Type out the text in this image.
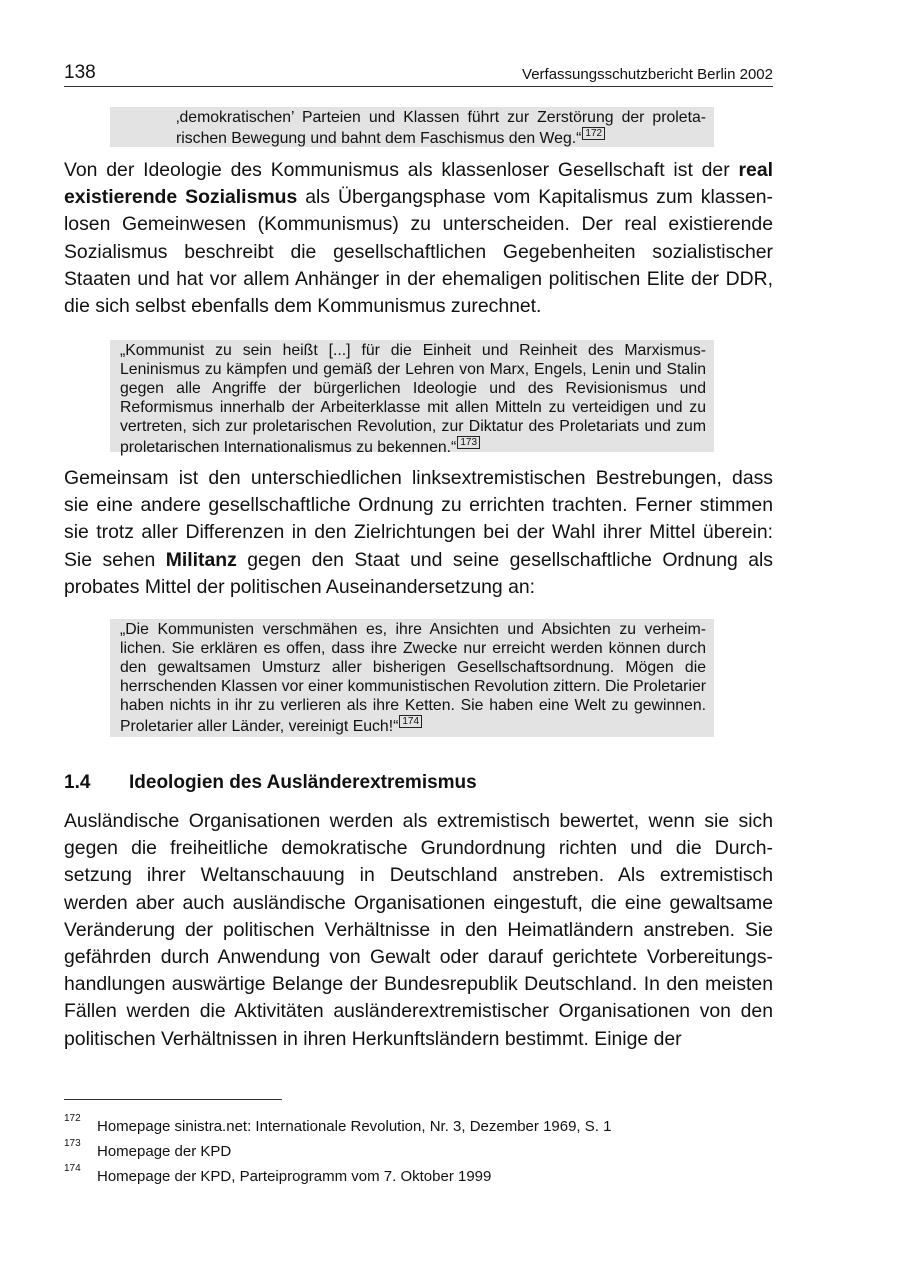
138	Verfassungsschutzbericht Berlin 2002
‚demokratischen’ Parteien und Klassen führt zur Zerstörung der proleta-rischen Bewegung und bahnt dem Faschismus den Weg.“ 172
Von der Ideologie des Kommunismus als klassenloser Gesellschaft ist der real existierende Sozialismus als Übergangsphase vom Kapitalismus zum klassen-losen Gemeinwesen (Kommunismus) zu unterscheiden. Der real existierende Sozialismus beschreibt die gesellschaftlichen Gegebenheiten sozialistischer Staaten und hat vor allem Anhänger in der ehemaligen politischen Elite der DDR, die sich selbst ebenfalls dem Kommunismus zurechnet.
„Kommunist zu sein heißt [...] für die Einheit und Reinheit des Marxismus-Leninismus zu kämpfen und gemäß der Lehren von Marx, Engels, Lenin und Stalin gegen alle Angriffe der bürgerlichen Ideologie und des Revisionismus und Reformismus innerhalb der Arbeiterklasse mit allen Mitteln zu verteidigen und zu vertreten, sich zur proletarischen Revolution, zur Diktatur des Proletariats und zum proletarischen Internationalismus zu bekennen.“ 173
Gemeinsam ist den unterschiedlichen linksextremistischen Bestrebungen, dass sie eine andere gesellschaftliche Ordnung zu errichten trachten. Ferner stimmen sie trotz aller Differenzen in den Zielrichtungen bei der Wahl ihrer Mittel überein: Sie sehen Militanz gegen den Staat und seine gesellschaftliche Ordnung als probates Mittel der politischen Auseinandersetzung an:
„Die Kommunisten verschmähen es, ihre Ansichten und Absichten zu verheim-lichen. Sie erklären es offen, dass ihre Zwecke nur erreicht werden können durch den gewaltsamen Umsturz aller bisherigen Gesellschaftsordnung. Mögen die herrschenden Klassen vor einer kommunistischen Revolution zittern. Die Proletarier haben nichts in ihr zu verlieren als ihre Ketten. Sie haben eine Welt zu gewinnen. Proletarier aller Länder, vereinigt Euch!“ 174
1.4 Ideologien des Ausländerextremismus
Ausländische Organisationen werden als extremistisch bewertet, wenn sie sich gegen die freiheitliche demokratische Grundordnung richten und die Durch-setzung ihrer Weltanschauung in Deutschland anstreben. Als extremistisch werden aber auch ausländische Organisationen eingestuft, die eine gewaltsame Veränderung der politischen Verhältnisse in den Heimatländern anstreben. Sie gefährden durch Anwendung von Gewalt oder darauf gerichtete Vorbereitungs-handlungen auswärtige Belange der Bundesrepublik Deutschland. In den meisten Fällen werden die Aktivitäten ausländerextremistischer Organisationen von den politischen Verhältnissen in ihren Herkunftsländern bestimmt. Einige der
172 Homepage sinistra.net: Internationale Revolution, Nr. 3, Dezember 1969, S. 1
173 Homepage der KPD
174 Homepage der KPD, Parteiprogramm vom 7. Oktober 1999
